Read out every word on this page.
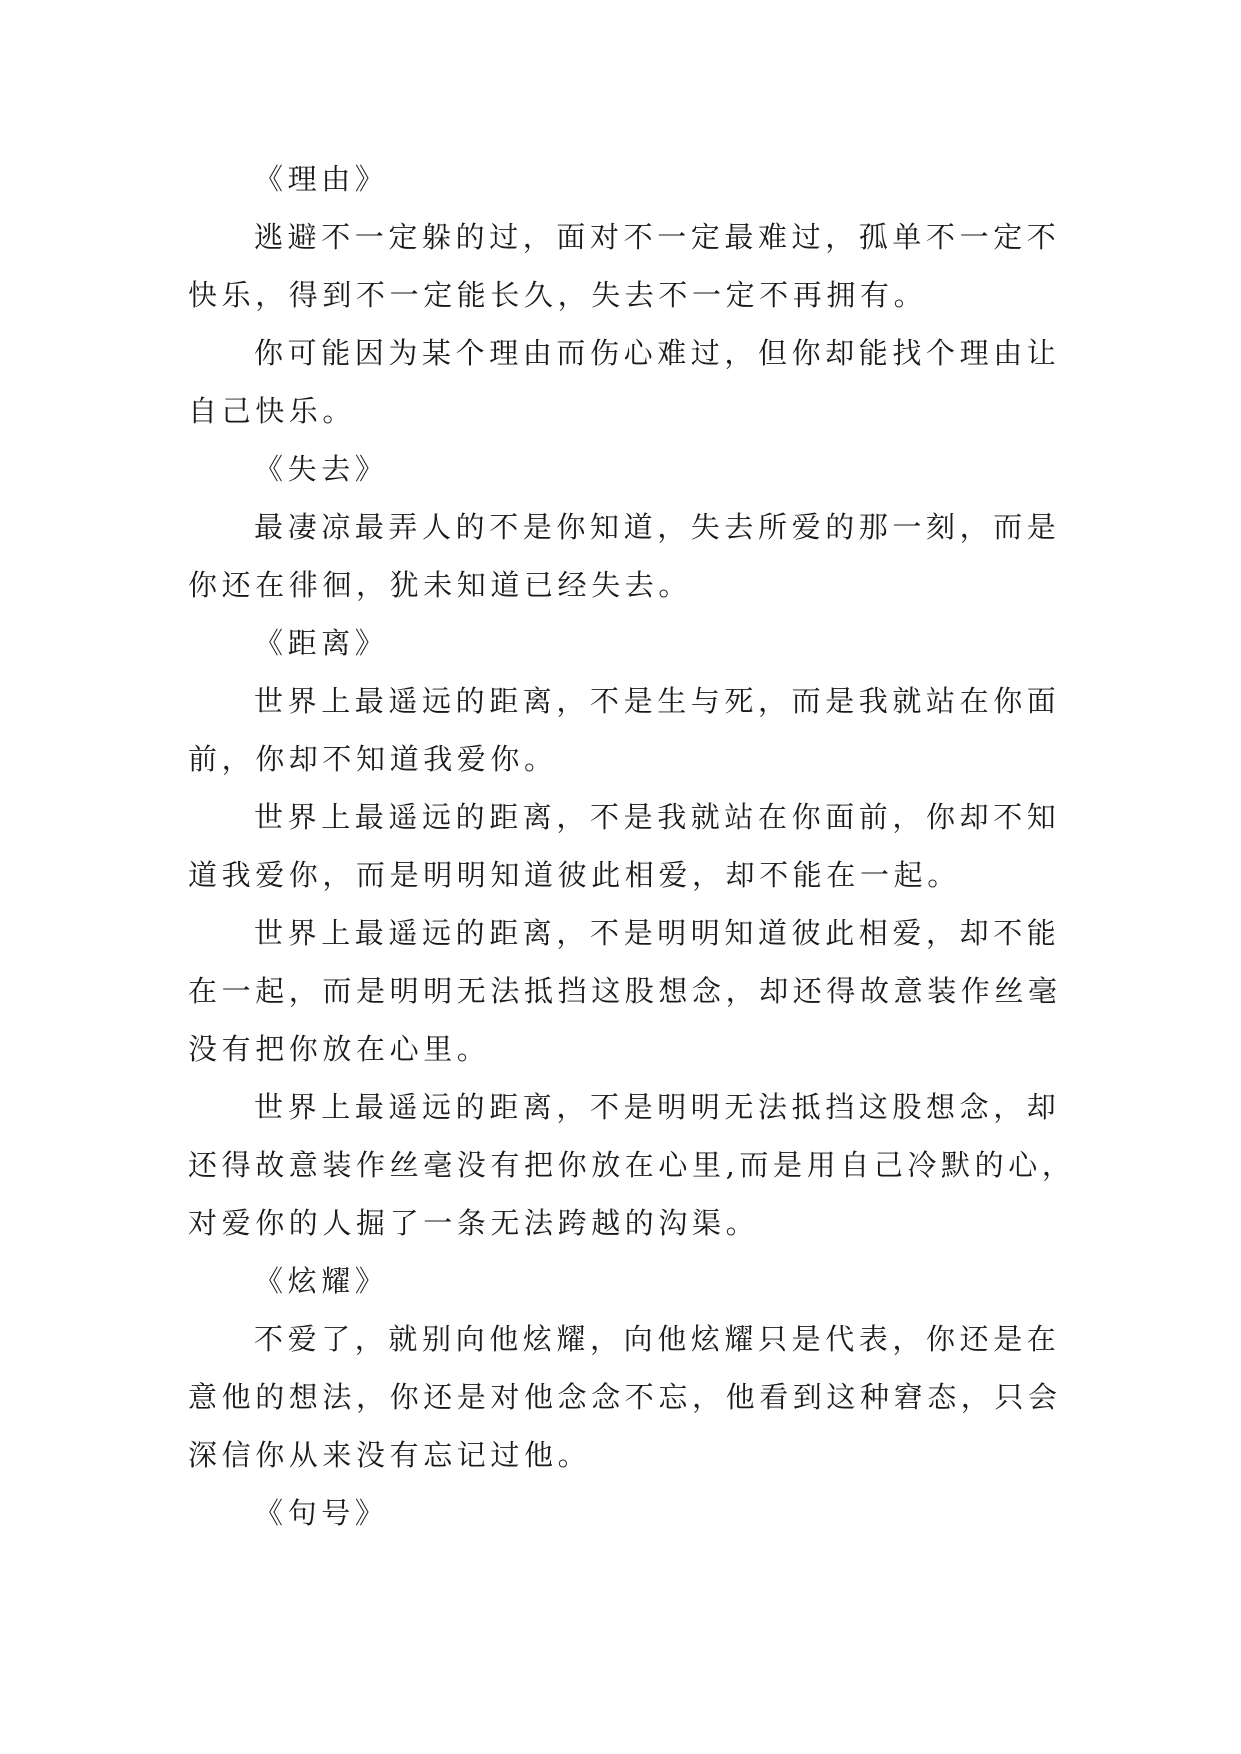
《理由》
逃避不一定躲的过，面对不一定最难过，孤单不一定不
快乐，得到不一定能长久，失去不一定不再拥有。
你可能因为某个理由而伤心难过，但你却能找个理由让
自己快乐。
《失去》
最凄凉最弄人的不是你知道，失去所爱的那一刻，而是
你还在徘徊，犹未知道已经失去。
《距离》
世界上最遥远的距离，不是生与死，而是我就站在你面
前，你却不知道我爱你。
世界上最遥远的距离，不是我就站在你面前，你却不知
道我爱你，而是明明知道彼此相爱，却不能在一起。
世界上最遥远的距离，不是明明知道彼此相爱，却不能
在一起，而是明明无法抵挡这股想念，却还得故意装作丝毫
没有把你放在心里。
世界上最遥远的距离，不是明明无法抵挡这股想念，却
还得故意装作丝毫没有把你放在心里,而是用自己冷默的心，
对爱你的人掘了一条无法跨越的沟渠。
《炫耀》
不爱了，就别向他炫耀，向他炫耀只是代表，你还是在
意他的想法，你还是对他念念不忘，他看到这种窘态，只会
深信你从来没有忘记过他。
《句号》
